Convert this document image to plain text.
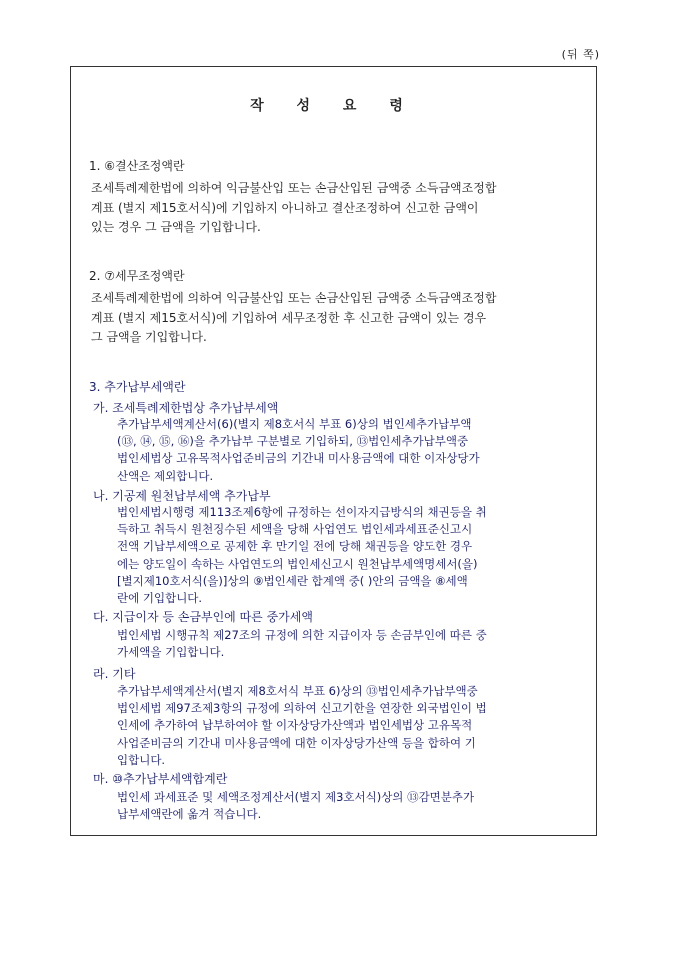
(뒤 쪽)
작 성 요 령
1. ⑥결산조정액란
조세특례제한법에 의하여 익금불산입 또는 손금산입된 금액중 소득금액조정합
계표 (별지 제15호서식)에 기입하지 아니하고 결산조정하여 신고한 금액이
있는 경우 그 금액을 기입합니다.
2. ⑦세무조정액란
조세특례제한법에 의하여 익금불산입 또는 손금산입된 금액중 소득금액조정합
계표 (별지 제15호서식)에 기입하여 세무조정한 후 신고한 금액이 있는 경우
그 금액을 기입합니다.
3. 추가납부세액란
가. 조세특례제한법상 추가납부세액
추가납부세액계산서(6)(별지 제8호서식 부표 6)상의 법인세추가납부액
(⑬, ⑭, ⑮, ⑯)을 추가납부 구분별로 기입하되, ⑬법인세추가납부액중
법인세법상 고유목적사업준비금의 기간내 미사용금액에 대한 이자상당가
산액은 제외합니다.
나. 기공제 원천납부세액 추가납부
법인세법시행령 제113조제6항에 규정하는 선이자지급방식의 채권등을 취
득하고 취득시 원천징수된 세액을 당해 사업연도 법인세과세표준신고시
전액 기납부세액으로 공제한 후 만기일 전에 당해 채권등을 양도한 경우
에는 양도일이 속하는 사업연도의 법인세신고시 원천납부세액명세서(을)
[별지제10호서식(을)]상의 ⑨법인세란 합계액 중( )안의 금액을 ⑧세액
란에 기입합니다.
다. 지급이자 등 손금부인에 따른 중가세액
법인세법 시행규칙 제27조의 규정에 의한 지급이자 등 손금부인에 따른 중
가세액을 기입합니다.
라. 기타
추가납부세액계산서(별지 제8호서식 부표 6)상의 ⑬법인세추가납부액중
법인세법 제97조제3항의 규정에 의하여 신고기한을 연장한 외국법인이 법
인세에 추가하여 납부하여야 할 이자상당가산액과 법인세법상 고유목적
사업준비금의 기간내 미사용금액에 대한 이자상당가산액 등을 합하여 기
입합니다.
마. ⑩추가납부세액합계란
법인세 과세표준 및 세액조정계산서(별지 제3호서식)상의 ⑬감면분추가
납부세액란에 옮겨 적습니다.
